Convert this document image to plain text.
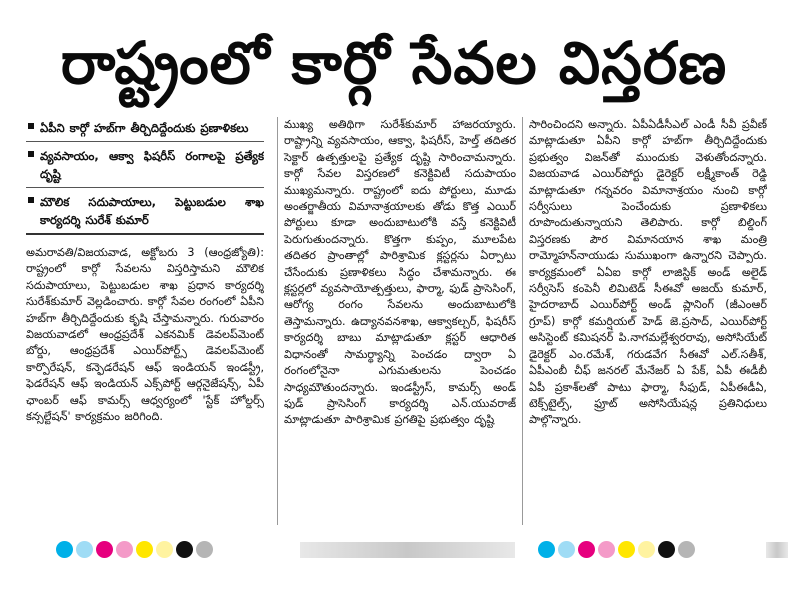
రాష్ట్రంలో కార్గో సేవల విస్తరణ
ఏపీని కార్గో హబ్‌గా తీర్చిదిద్దేందుకు ప్రణాళికలు
వ్యవసాయం, ఆక్వా ఫిషరీస్ రంగాలపై ప్రత్యేక దృష్టి
మౌలిక సదుపాయాలు, పెట్టుబడుల శాఖ కార్యదర్శి సురేశ్ కుమార్

అమరావతి/విజయవాడ, అక్టోబరు 3 (ఆంధ్రజ్యోతి): రాష్ట్రంలో కార్గో సేవలను విస్తరిస్తామని మౌలిక సదుపాయాలు, పెట్టుబడుల శాఖ ప్రధాన కార్యదర్శి సురేశ్‌కుమార్ వెల్లడించారు. కార్గో సేవల రంగంలో ఏపీని హబ్‌గా తీర్చిదిద్దేందుకు కృషి చేస్తామన్నారు. గురువారం విజయవాడలో ఆంధ్రప్రదేశ్ ఎకనమిక్ డెవలప్‌మెంట్ బోర్డు, ఆంధ్రప్రదేశ్ ఎయిర్‌పోర్ట్స్ డెవలప్‌మెంట్ కార్పొరేషన్, కన్ఫెడరేషన్ ఆఫ్ ఇండియన్ ఇండస్ట్రీ, ఫెడరేషన్ ఆఫ్ ఇండియన్ ఎక్స్‌పోర్ట్ ఆర్గనైజేషన్స్, ఏపీ ఛాంబర్ ఆఫ్ కామర్స్ ఆధ్వర్యంలో 'స్టేక్ హోల్డర్స్ కన్సల్టేషన్' కార్యక్రమం జరిగింది.

ముఖ్య అతిథిగా సురేశ్‌కుమార్ హాజరయ్యారు. రాష్ట్రాన్ని వ్యవసాయం, ఆక్వా, ఫిషరీస్, హెల్త్ తదితర సెక్టార్ ఉత్పత్తులపై ప్రత్యేక దృష్టి సారించామన్నారు. కార్గో సేవల విస్తరణలో కనెక్టివిటీ సదుపాయం ముఖ్యమన్నారు. రాష్ట్రంలో ఐదు పోర్టులు, మూడు అంతర్జాతీయ విమానాశ్రయాలకు తోడు కొత్త ఎయిర్ పోర్టులు కూడా అందుబాటులోకి వస్తే కనెక్టివిటీ పెరుగుతుందన్నారు. కొత్తగా కుప్పం, మూలపేట తదితర ప్రాంతాల్లో పారిశ్రామిక క్లస్టర్లను ఏర్పాటు చేసేందుకు ప్రణాళికలు సిద్ధం చేశామన్నారు. ఈ క్లస్టర్లలో వ్యవసాయోత్పత్తులు, ఫార్మా, ఫుడ్ ప్రాసెసింగ్, ఆరోగ్య రంగం సేవలను అందుబాటులోకి తెస్తామన్నారు. ఉద్యానవనశాఖ, ఆక్వాకల్చర్, ఫిషరీస్ కార్యదర్శి బాబు మాట్లాడుతూ క్లస్టర్ ఆధారిత విధానంతో సామర్థ్యాన్ని పెంచడం ద్వారా ఏ రంగంలోనైనా ఎగుమతులను పెంచడం సాధ్యమౌతుందన్నారు. ఇండస్ట్రీస్, కామర్స్ అండ్ ఫుడ్ ప్రాసెసింగ్ కార్యదర్శి ఎన్.యువరాజ్ మాట్లాడుతూ పారిశ్రామిక ప్రగతిపై ప్రభుత్వం దృష్టి

సారించిందని అన్నారు. ఏపీఏడీసీఎల్ ఎండీ సీవీ ప్రవీణ్ మాట్లాడుతూ ఏపీని కార్గో హబ్‌గా తీర్చిదిద్దేందుకు ప్రభుత్వం విజన్‌తో ముందుకు వెళుతోందన్నారు. విజయవాడ ఎయిర్‌పోర్టు డైరెక్టర్ లక్ష్మీకాంత్ రెడ్డి మాట్లాడుతూ గన్నవరం విమానాశ్రయం నుంచి కార్గో సర్వీసులు పెంచేందుకు ప్రణాళికలు రూపొందుతున్నాయని తెలిపారు. కార్గో బిల్డింగ్ విస్తరణకు పౌర విమానయాన శాఖ మంత్రి రామ్మోహన్‌నాయుడు సుముఖంగా ఉన్నారని చెప్పారు. కార్యక్రమంలో ఏఏఐ కార్గో లాజిస్టిక్ అండ్ అలైడ్ సర్వీసెస్ కంపెనీ లిమిటెడ్ సీఈవో అజయ్ కుమార్, హైదరాబాద్ ఎయిర్‌పోర్ట్ అండ్ ప్లానింగ్ (జీఎంఆర్ గ్రూప్) కార్గో కమర్షియల్ హెడ్ జె.ప్రసాద్, ఎయిర్‌పోర్ట్ అసిస్టెంట్ కమిషనర్ పి.నాగమల్లేశ్వరరావు, అసోసియేట్ డైరెక్టర్ ఎం.రమేశ్, గరుడవేగ సీఈవో ఎల్.సతీశ్, ఏపీఎంబీ చీఫ్ జనరల్ మేనేజర్ ఏ పేక్, ఏపీ ఈడీబీ ఏపీ ప్రకాశ్‌లతో పాటు ఫార్మా, సీఫుడ్, ఏపీఈడీఏ, టెక్స్‌టైల్స్, ఫ్రూట్ అసోసియేషన్ల ప్రతినిధులు పాల్గొన్నారు.
